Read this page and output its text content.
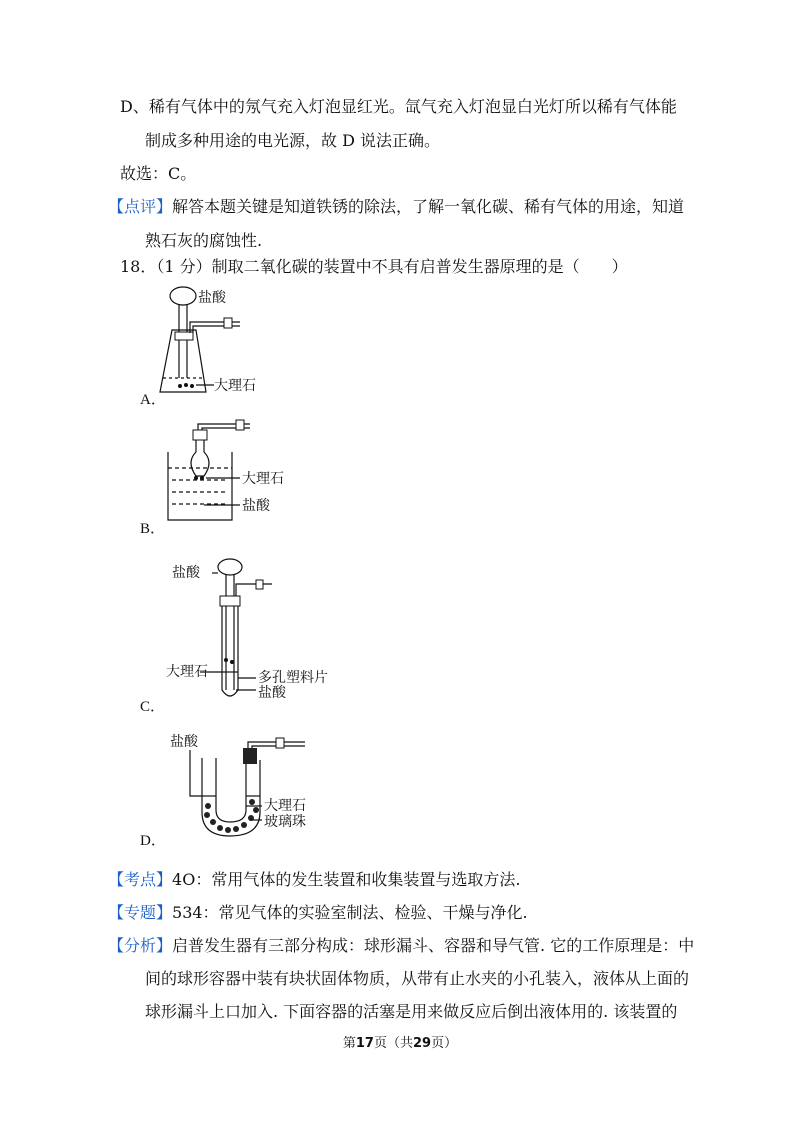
D、稀有气体中的氖气充入灯泡显红光。氙气充入灯泡显白光灯所以稀有气体能
制成多种用途的电光源，故 D 说法正确。
故选：C。
【点评】解答本题关键是知道铁锈的除法，了解一氧化碳、稀有气体的用途，知道
熟石灰的腐蚀性.
18．（1 分）制取二氧化碳的装置中不具有启普发生器原理的是（　　）
A．
B．
C．
D．
盐酸
大理石
大理石
盐酸
盐酸
大理石	多孔塑料片
盐酸
盐酸
大理石
玻璃珠
【考点】4O：常用气体的发生装置和收集装置与选取方法.
【专题】534：常见气体的实验室制法、检验、干燥与净化.
【分析】启普发生器有三部分构成：球形漏斗、容器和导气管. 它的工作原理是：中
间的球形容器中装有块状固体物质，从带有止水夹的小孔装入，液体从上面的
球形漏斗上口加入. 下面容器的活塞是用来做反应后倒出液体用的. 该装置的
第17页（共29页）
